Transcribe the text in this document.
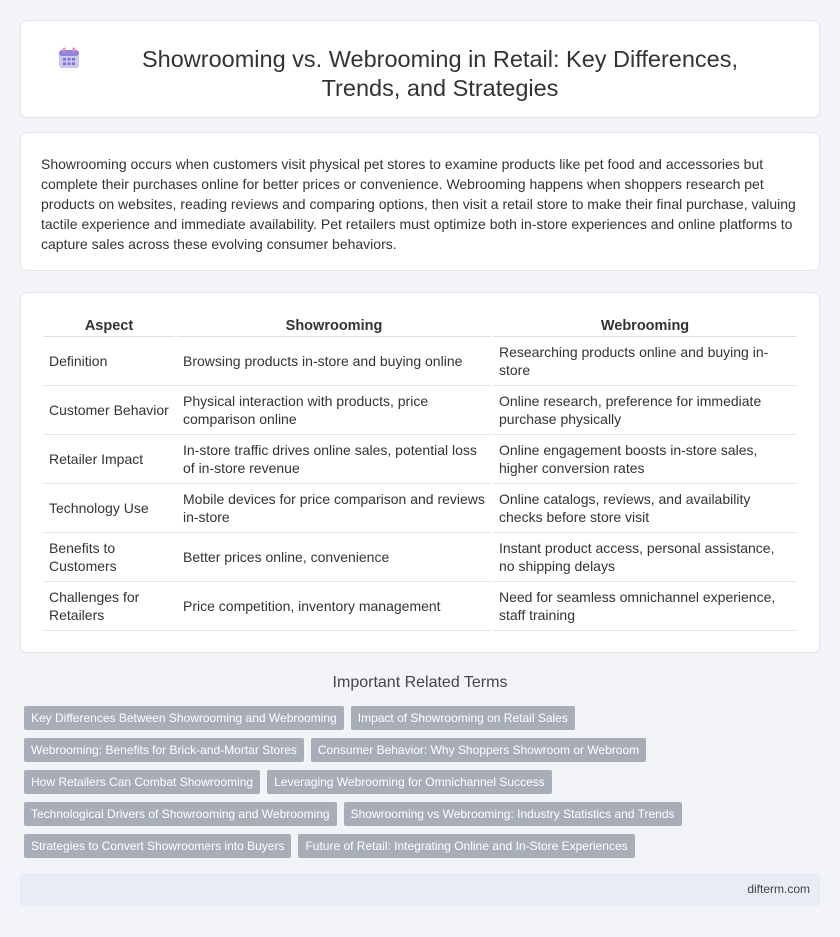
Showrooming vs. Webrooming in Retail: Key Differences, Trends, and Strategies

Showrooming occurs when customers visit physical pet stores to examine products like pet food and accessories but complete their purchases online for better prices or convenience. Webrooming happens when shoppers research pet products on websites, reading reviews and comparing options, then visit a retail store to make their final purchase, valuing tactile experience and immediate availability. Pet retailers must optimize both in-store experiences and online platforms to capture sales across these evolving consumer behaviors.

Aspect	Showrooming	Webrooming
Definition	Browsing products in-store and buying online	Researching products online and buying in-store
Customer Behavior	Physical interaction with products, price comparison online	Online research, preference for immediate purchase physically
Retailer Impact	In-store traffic drives online sales, potential loss of in-store revenue	Online engagement boosts in-store sales, higher conversion rates
Technology Use	Mobile devices for price comparison and reviews in-store	Online catalogs, reviews, and availability checks before store visit
Benefits to Customers	Better prices online, convenience	Instant product access, personal assistance, no shipping delays
Challenges for Retailers	Price competition, inventory management	Need for seamless omnichannel experience, staff training
Important Related Terms
Key Differences Between Showrooming and Webrooming	Impact of Showrooming on Retail Sales
Webrooming: Benefits for Brick-and-Mortar Stores	Consumer Behavior: Why Shoppers Showroom or Webroom
How Retailers Can Combat Showrooming	Leveraging Webrooming for Omnichannel Success
Technological Drivers of Showrooming and Webrooming	Showrooming vs Webrooming: Industry Statistics and Trends
Strategies to Convert Showroomers into Buyers	Future of Retail: Integrating Online and In-Store Experiences
difterm.com
